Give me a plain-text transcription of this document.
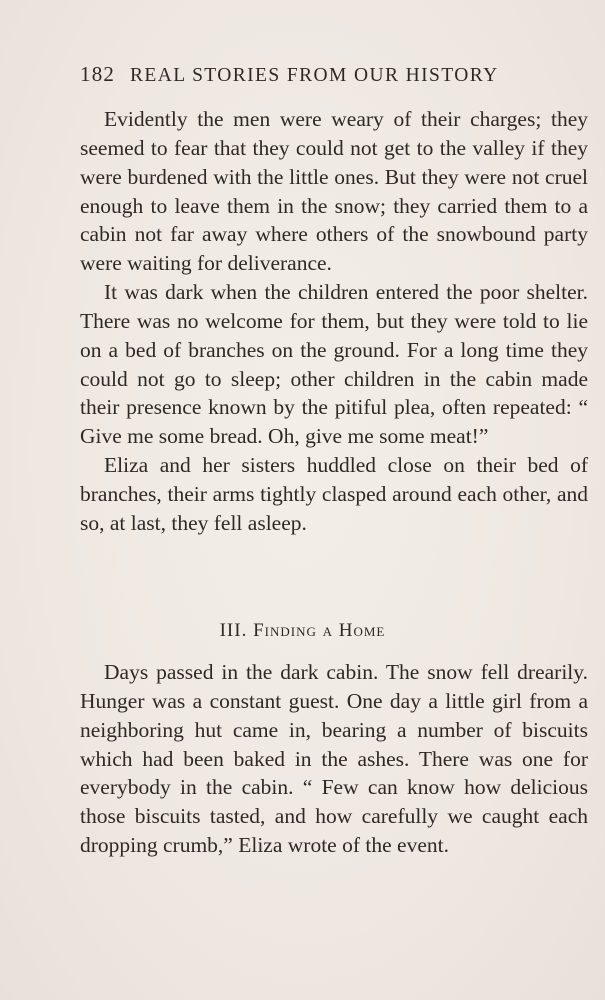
182 REAL STORIES FROM OUR HISTORY

Evidently the men were weary of their charges; they seemed to fear that they could not get to the valley if they were burdened with the little ones. But they were not cruel enough to leave them in the snow; they carried them to a cabin not far away where others of the snowbound party were waiting for deliverance.

It was dark when the children entered the poor shelter. There was no welcome for them, but they were told to lie on a bed of branches on the ground. For a long time they could not go to sleep; other children in the cabin made their presence known by the pitiful plea, often repeated: “ Give me some bread. Oh, give me some meat!”

Eliza and her sisters huddled close on their bed of branches, their arms tightly clasped around each other, and so, at last, they fell asleep.

III. Finding a Home

Days passed in the dark cabin. The snow fell drearily. Hunger was a constant guest. One day a little girl from a neighboring hut came in, bearing a number of biscuits which had been baked in the ashes. There was one for everybody in the cabin. “ Few can know how delicious those biscuits tasted, and how carefully we caught each dropping crumb,” Eliza wrote of the event.
